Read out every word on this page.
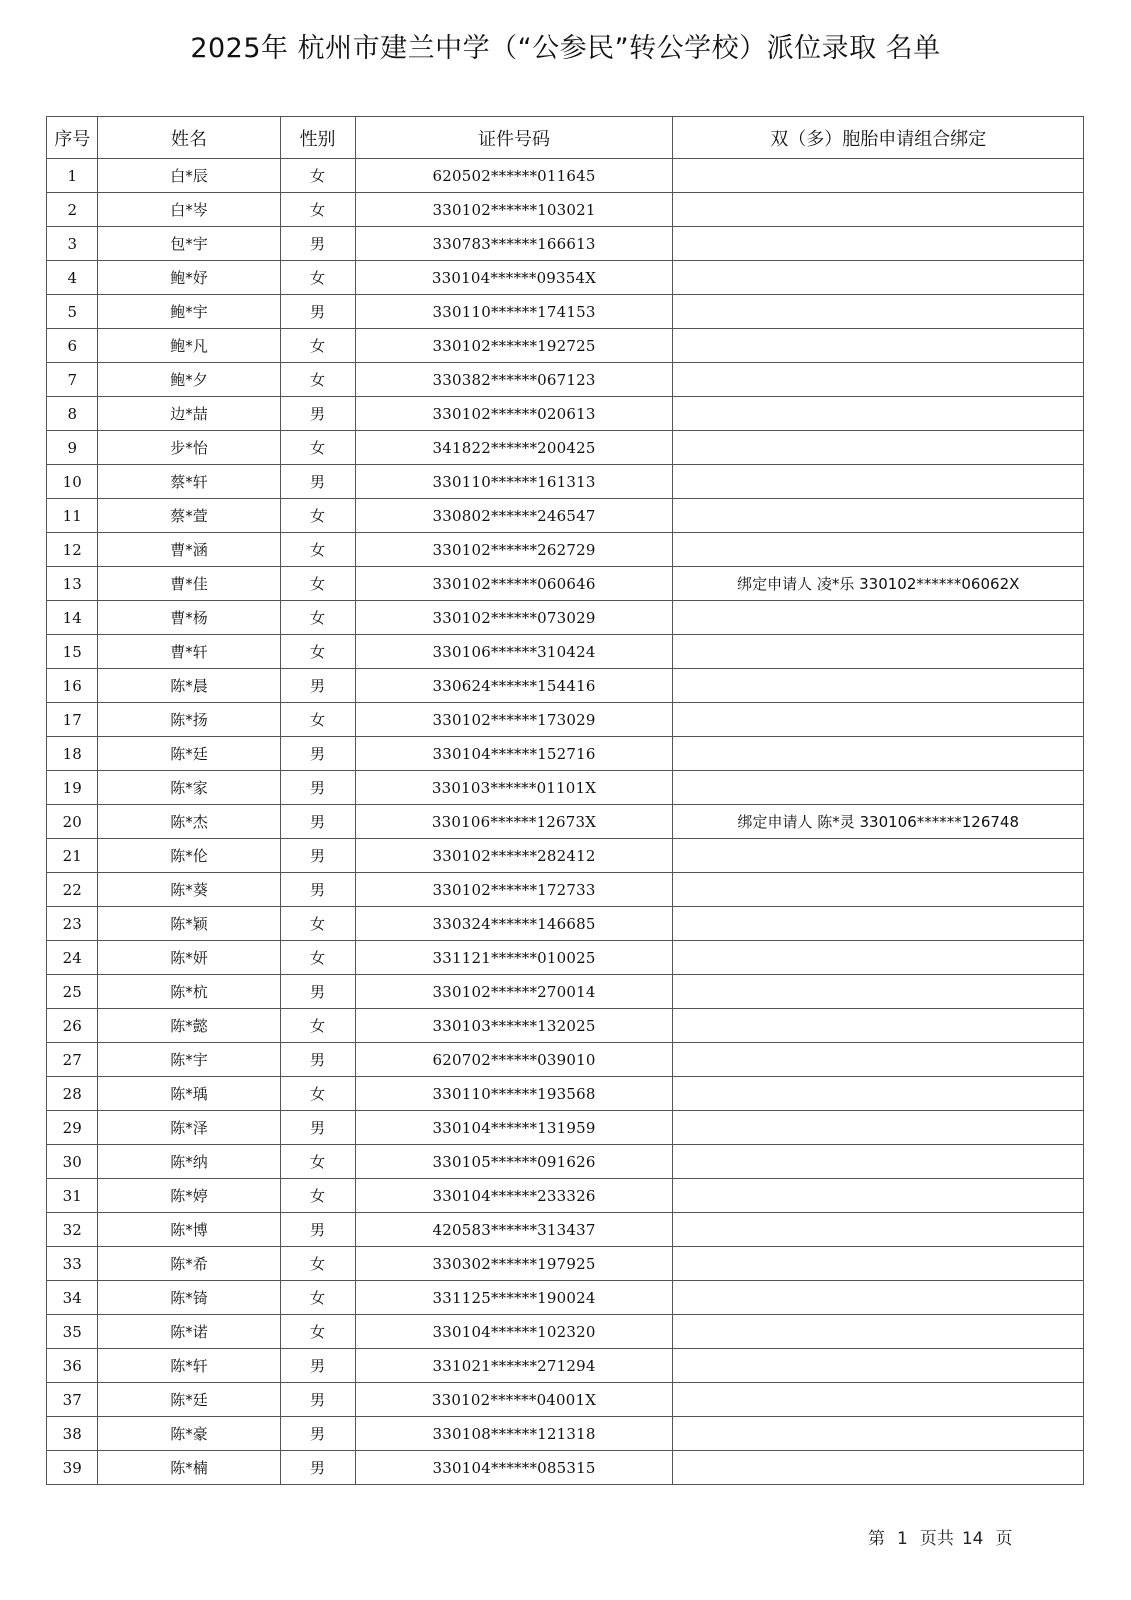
2025年 杭州市建兰中学（“公参民”转公学校）派位录取 名单
序号	姓名	性别	证件号码	双（多）胞胎申请组合绑定
1	白*辰	女	620502******011645	
2	白*岑	女	330102******103021	
3	包*宇	男	330783******166613	
4	鲍*妤	女	330104******09354X	
5	鲍*宇	男	330110******174153	
6	鲍*凡	女	330102******192725	
7	鲍*夕	女	330382******067123	
8	边*喆	男	330102******020613	
9	步*怡	女	341822******200425	
10	蔡*轩	男	330110******161313	
11	蔡*萱	女	330802******246547	
12	曹*涵	女	330102******262729	
13	曹*佳	女	330102******060646	绑定申请人 凌*乐 330102******06062X
14	曹*杨	女	330102******073029	
15	曹*轩	女	330106******310424	
16	陈*晨	男	330624******154416	
17	陈*扬	女	330102******173029	
18	陈*廷	男	330104******152716	
19	陈*家	男	330103******01101X	
20	陈*杰	男	330106******12673X	绑定申请人 陈*灵 330106******126748
21	陈*伦	男	330102******282412	
22	陈*葵	男	330102******172733	
23	陈*颖	女	330324******146685	
24	陈*妍	女	331121******010025	
25	陈*杭	男	330102******270014	
26	陈*懿	女	330103******132025	
27	陈*宇	男	620702******039010	
28	陈*瑀	女	330110******193568	
29	陈*泽	男	330104******131959	
30	陈*纳	女	330105******091626	
31	陈*婷	女	330104******233326	
32	陈*博	男	420583******313437	
33	陈*希	女	330302******197925	
34	陈*锜	女	331125******190024	
35	陈*诺	女	330104******102320	
36	陈*轩	男	331021******271294	
37	陈*廷	男	330102******04001X	
38	陈*豪	男	330108******121318	
39	陈*楠	男	330104******085315	
第 1 页共 14 页
